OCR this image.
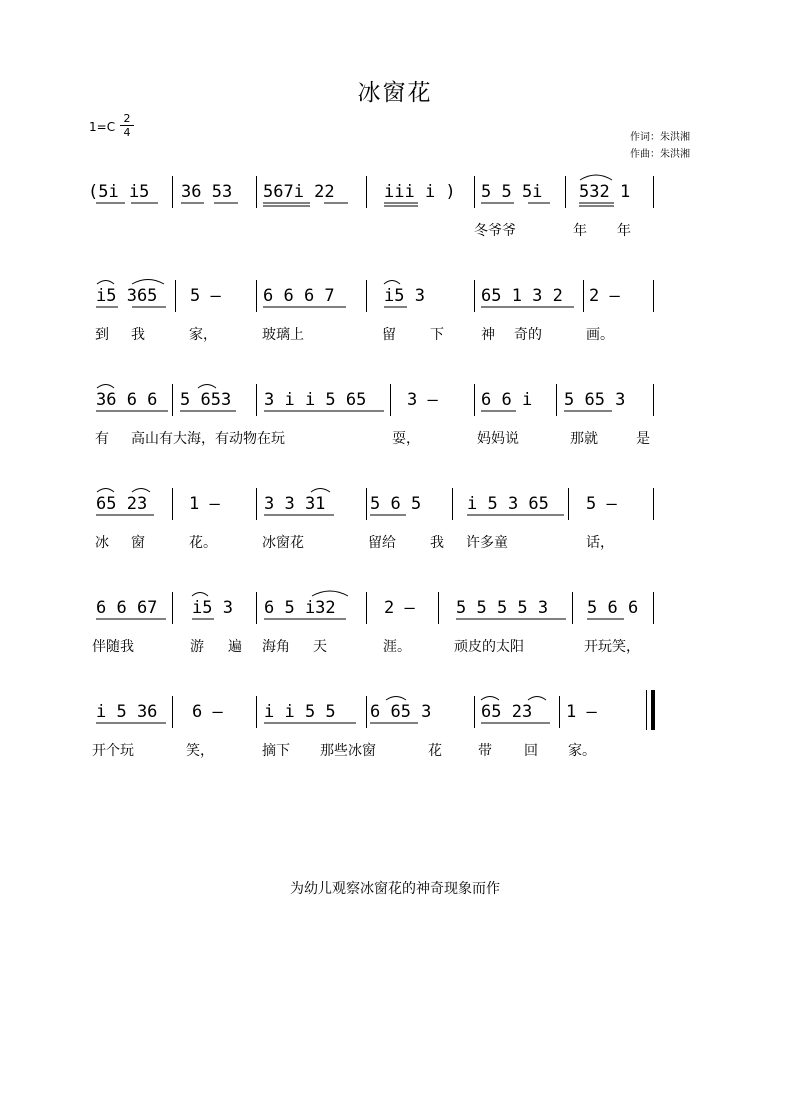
冰窗花
$1=C \frac{2}{4}$	作词：朱洪湘
作曲：朱洪湘
(5i i5 36 53 567i 22	iii i ) 5 5 5i 532 1
冬爷爷	年 年
i5 365 5 – 6 6 6 7	i5 3	65 1 3 2 2 –
到 我	家，	玻璃上	留 下	神 奇的	画。
36 6 6 5 653 3 i i 5 65 3 –	6 6 i 5 65 3
有 高山有大海，有动物在玩	耍，	妈妈说	那就	是
65 23 1 –	3 3 31	5 6 5	i 5 3 65 5 –
冰 窗	花。	冰窗花	留给 我 许多童	话，
6 6 67 i5 3 6 5 i32	2 – 5 5 5 5 3 5 6 6
伴随我	游 遍 海角 天	涯。	顽皮的太阳	开玩笑，
i 5 36 6 – i i 5 5 6 65 3	65 23 1 –
开个玩	笑，	摘下 那些冰窗	花	带 回 家。
为幼儿观察冰窗花的神奇现象而作
